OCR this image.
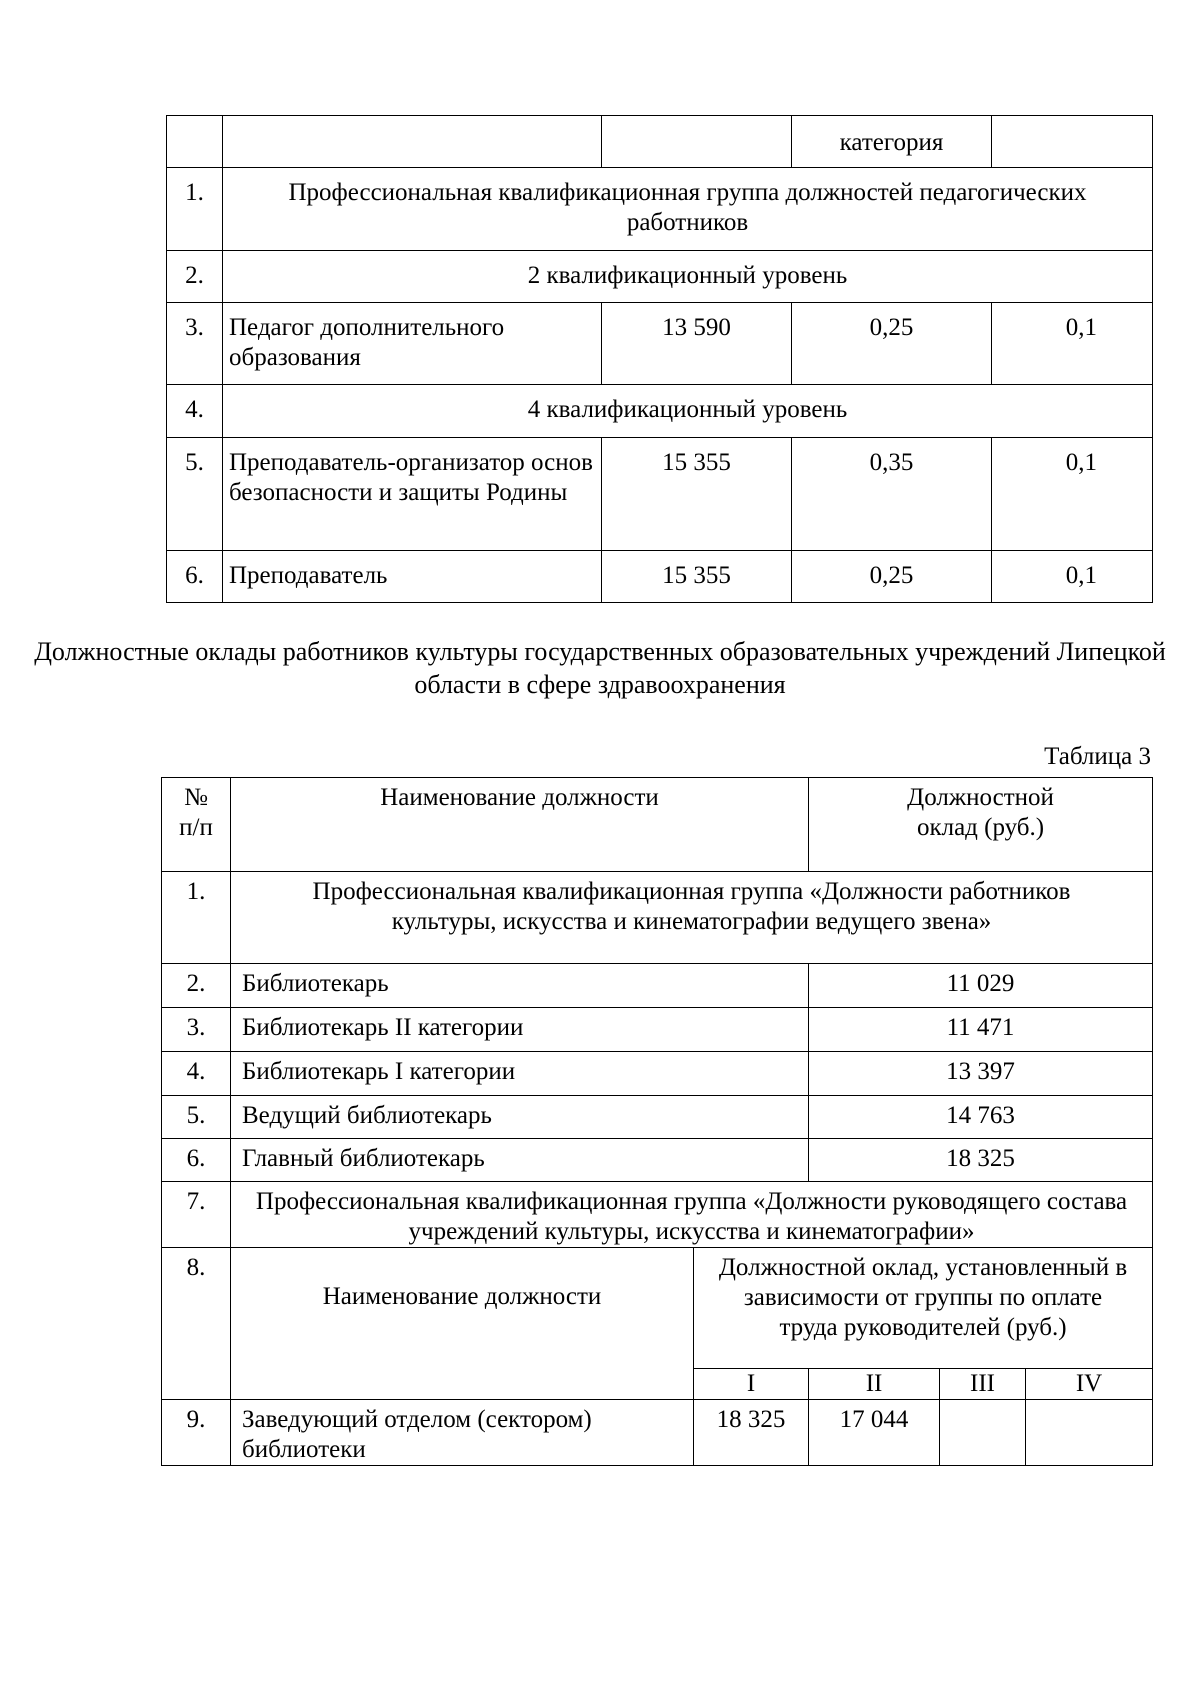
			категория	
1.	Профессиональная квалификационная группа должностей педагогических работников			
2.	2 квалификационный уровень			
3.	Педагог дополнительного образования	13 590	0,25	0,1
4.	4 квалификационный уровень			
5.	Преподаватель-организатор основ безопасности и защиты Родины	15 355	0,35	0,1
6.	Преподаватель	15 355	0,25	0,1
Должностные оклады работников культуры государственных образовательных учреждений Липецкой области в сфере здравоохранения
Таблица 3
№ п/п	Наименование должности		Должностной оклад (руб.)		
1.	Профессиональная квалификационная группа «Должности работников культуры, искусства и кинематографии ведущего звена»				
2.	Библиотекарь		11 029		
3.	Библиотекарь II категории		11 471		
4.	Библиотекарь I категории		13 397		
5.	Ведущий библиотекарь		14 763		
6.	Главный библиотекарь		18 325		
7.	Профессиональная квалификационная группа «Должности руководящего состава учреждений культуры, искусства и кинематографии»				
8.	Наименование должности	Должностной оклад, установленный в зависимости от группы по оплате труда руководителей (руб.)			
		I	II	III	IV
9.	Заведующий отделом (сектором) библиотеки	18 325	17 044		
